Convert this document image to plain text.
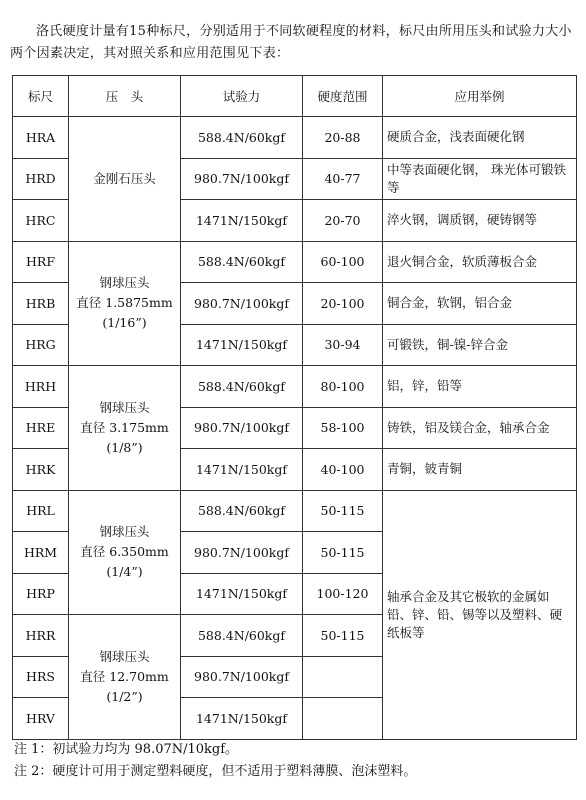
洛氏硬度计量有15种标尺，分别适用于不同软硬程度的材料，标尺由所用压头和试验力大小两个因素决定，其对照关系和应用范围见下表：

标尺	压　头	试验力	硬度范围	应用举例
HRA	金刚石压头	588.4N/60kgf	20-88	硬质合金，浅表面硬化钢
HRD		980.7N/100kgf	40-77	中等表面硬化钢， 珠光体可锻铁等
HRC		1471N/150kgf	20-70	淬火钢，调质钢，硬铸钢等
HRF	钢球压头
直径 1.5875mm
(1/16”)	588.4N/60kgf	60-100	退火铜合金，软质薄板合金
HRB		980.7N/100kgf	20-100	铜合金，软钢，铝合金
HRG		1471N/150kgf	30-94	可锻铁，铜-镍-锌合金
HRH	钢球压头
直径 3.175mm
(1/8”)	588.4N/60kgf	80-100	铝，锌，铅等
HRE		980.7N/100kgf	58-100	铸铁，铝及镁合金，轴承合金
HRK		1471N/150kgf	40-100	青铜，铍青铜
HRL	钢球压头
直径 6.350mm
(1/4”)	588.4N/60kgf	50-115	轴承合金及其它极软的金属如铅、锌、铅、锡等以及塑料、硬纸板等
HRM		980.7N/100kgf	50-115	
HRP		1471N/150kgf	100-120	
HRR	钢球压头
直径 12.70mm
(1/2”)	588.4N/60kgf	50-115	
HRS		980.7N/100kgf		
HRV		1471N/150kgf		
注 1：初试验力均为 98.07N/10kgf。
注 2：硬度计可用于测定塑料硬度，但不适用于塑料薄膜、泡沫塑料。
